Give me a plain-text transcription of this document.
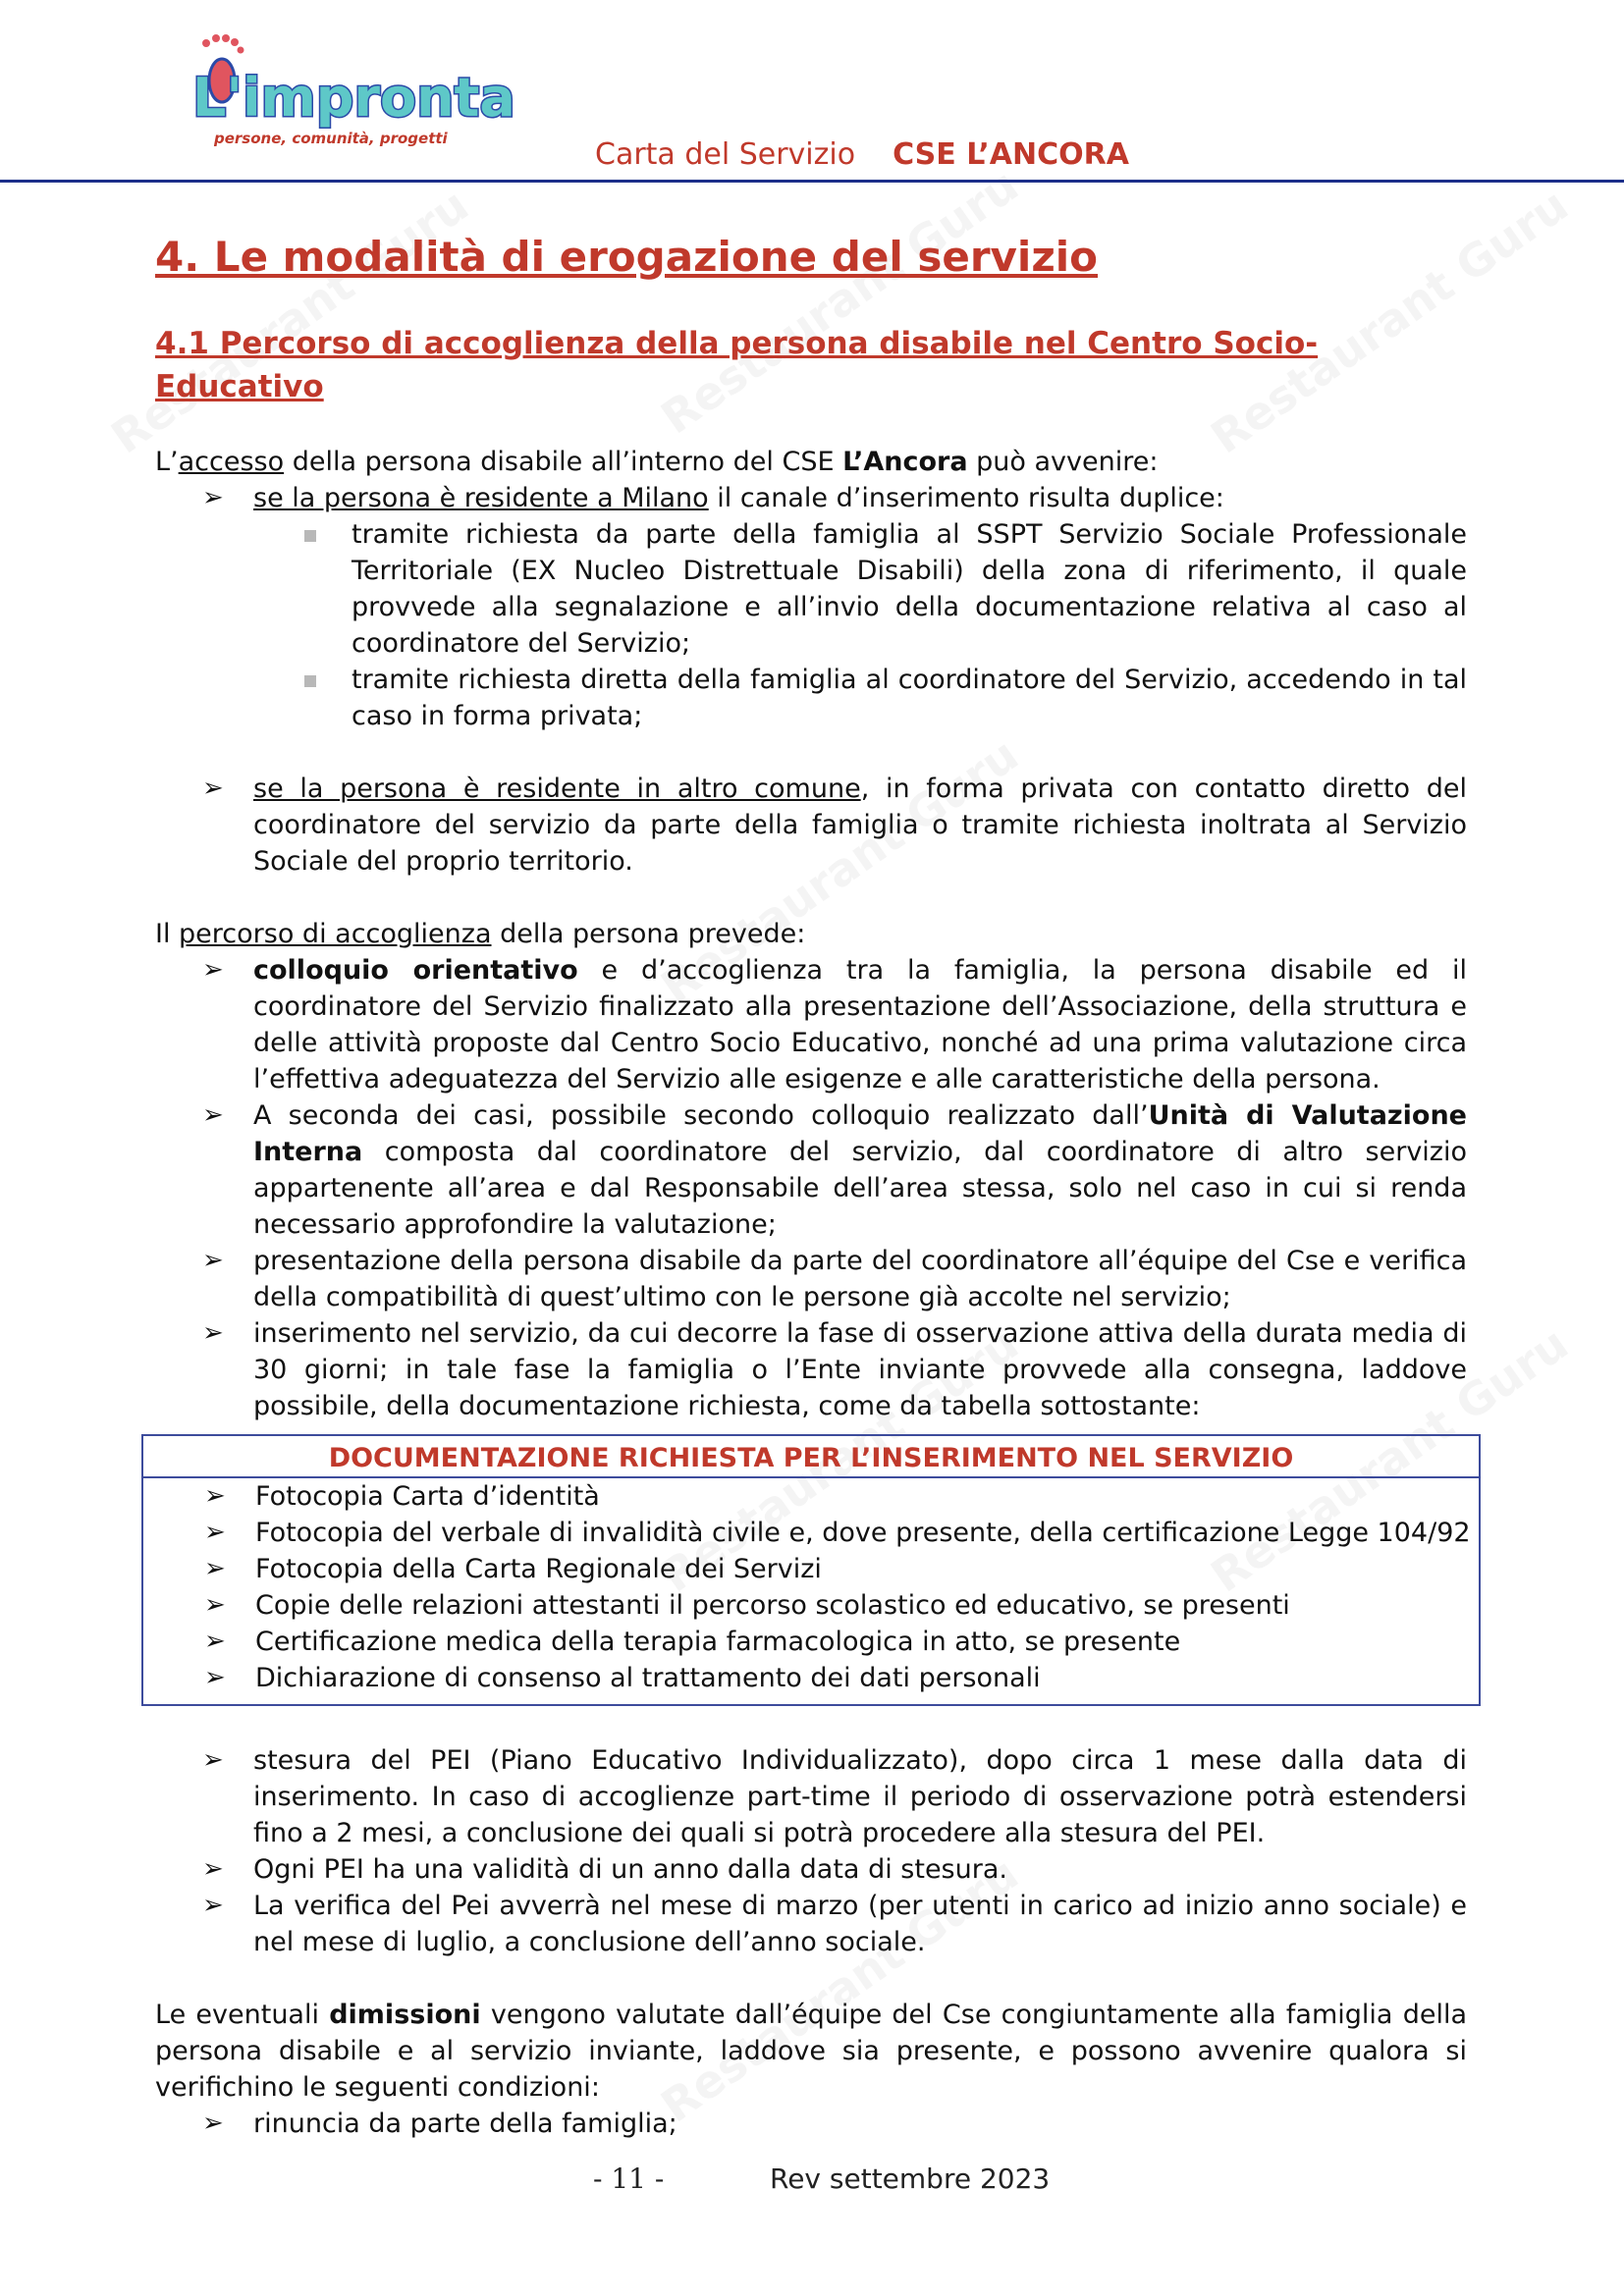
L'impronta
persone, comunità, progetti	Carta del Servizio CSE L’ANCORA
4. Le modalità di erogazione del servizio
4.1 Percorso di accoglienza della persona disabile nel Centro Socio-Educativo

L’accesso della persona disabile all’interno del CSE L’Ancora può avvenire:

➢ se la persona è residente a Milano il canale d’inserimento risulta duplice:
tramite richiesta da parte della famiglia al SSPT Servizio Sociale Professionale Territoriale (EX Nucleo Distrettuale Disabili) della zona di riferimento, il quale provvede alla segnalazione e all’invio della documentazione relativa al caso al coordinatore del Servizio;
tramite richiesta diretta della famiglia al coordinatore del Servizio, accedendo in tal caso in forma privata;
➢ se la persona è residente in altro comune, in forma privata con contatto diretto del coordinatore del servizio da parte della famiglia o tramite richiesta inoltrata al Servizio Sociale del proprio territorio.

Il percorso di accoglienza della persona prevede:

➢ colloquio orientativo e d’accoglienza tra la famiglia, la persona disabile ed il coordinatore del Servizio finalizzato alla presentazione dell’Associazione, della struttura e delle attività proposte dal Centro Socio Educativo, nonché ad una prima valutazione circa l’effettiva adeguatezza del Servizio alle esigenze e alle caratteristiche della persona.
➢ A seconda dei casi, possibile secondo colloquio realizzato dall’Unità di Valutazione Interna composta dal coordinatore del servizio, dal coordinatore di altro servizio appartenente all’area e dal Responsabile dell’area stessa, solo nel caso in cui si renda necessario approfondire la valutazione;
➢ presentazione della persona disabile da parte del coordinatore all’équipe del Cse e verifica della compatibilità di quest’ultimo con le persone già accolte nel servizio;
➢ inserimento nel servizio, da cui decorre la fase di osservazione attiva della durata media di 30 giorni; in tale fase la famiglia o l’Ente inviante provvede alla consegna, laddove possibile, della documentazione richiesta, come da tabella sottostante:
DOCUMENTAZIONE RICHIESTA PER L’INSERIMENTO NEL SERVIZIO
➢ Fotocopia Carta d’identità
➢ Fotocopia del verbale di invalidità civile e, dove presente, della certificazione Legge 104/92
➢ Fotocopia della Carta Regionale dei Servizi
➢ Copie delle relazioni attestanti il percorso scolastico ed educativo, se presenti
➢ Certificazione medica della terapia farmacologica in atto, se presente
➢ Dichiarazione di consenso al trattamento dei dati personali
➢ stesura del PEI (Piano Educativo Individualizzato), dopo circa 1 mese dalla data di inserimento. In caso di accoglienze part-time il periodo di osservazione potrà estendersi fino a 2 mesi, a conclusione dei quali si potrà procedere alla stesura del PEI.
➢ Ogni PEI ha una validità di un anno dalla data di stesura.
➢ La verifica del Pei avverrà nel mese di marzo (per utenti in carico ad inizio anno sociale) e nel mese di luglio, a conclusione dell’anno sociale.

Le eventuali dimissioni vengono valutate dall’équipe del Cse congiuntamente alla famiglia della persona disabile e al servizio inviante, laddove sia presente, e possono avvenire qualora si verifichino le seguenti condizioni:

➢ rinuncia da parte della famiglia;
- 11 -	Rev settembre 2023
